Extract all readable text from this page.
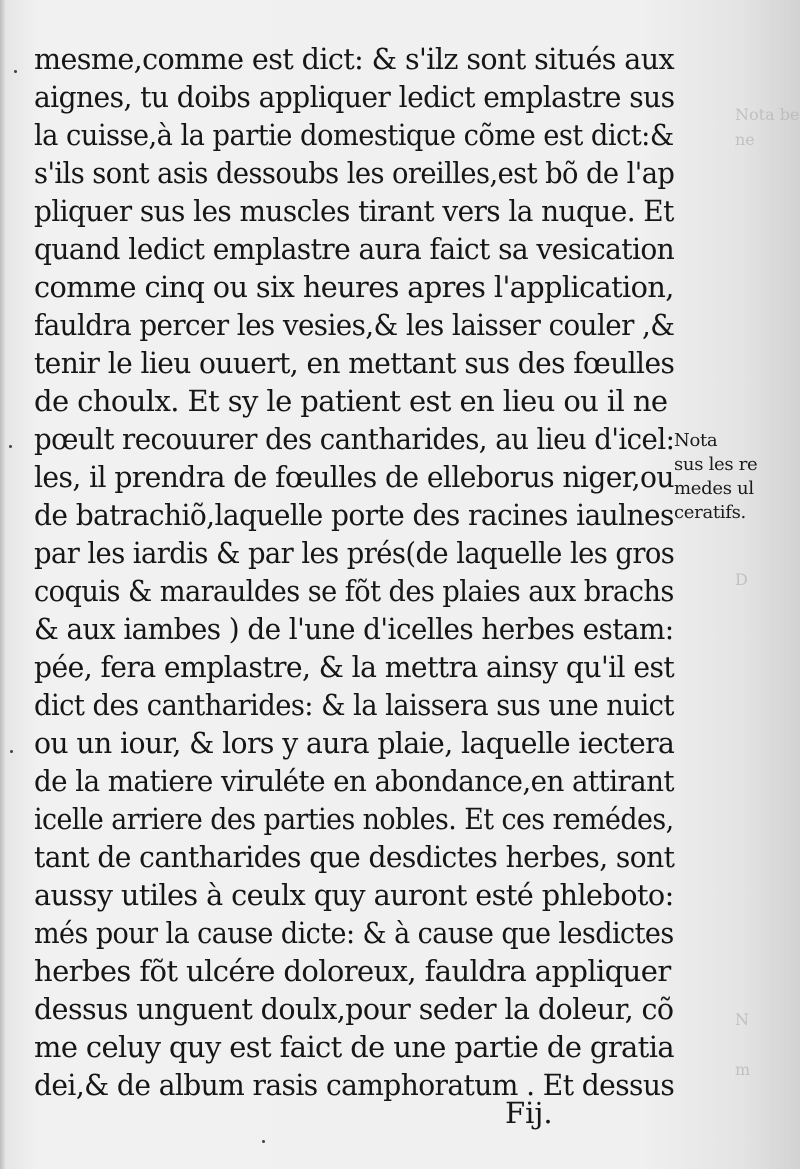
Nota be
ne
D
N
m
mesme,comme est dict: & s'ilz sont situés aux
aignes, tu doibs appliquer ledict emplastre sus
la cuisse,à la partie domestique cõme est dict:&
s'ils sont asis dessoubs les oreilles,est bõ de l'ap
pliquer sus les muscles tirant vers la nuque. Et
quand ledict emplastre aura faict sa vesication
comme cinq ou six heures apres l'application,
fauldra percer les vesies,& les laisser couler ,&
tenir le lieu ouuert, en mettant sus des fœulles
de choulx. Et sy le patient est en lieu ou il ne
pœult recouurer des cantharides, au lieu d'icel:
les, il prendra de fœulles de elleborus niger,ou
de batrachiõ,laquelle porte des racines iaulnes
par les iardis & par les prés(de laquelle les gros
coquis & marauldes se fõt des plaies aux brachs
& aux iambes ) de l'une d'icelles herbes estam:
pée, fera emplastre, & la mettra ainsy qu'il est
dict des cantharides: & la laissera sus une nuict
ou un iour, & lors y aura plaie, laquelle iectera
de la matiere viruléte en abondance,en attirant
icelle arriere des parties nobles. Et ces remédes,
tant de cantharides que desdictes herbes, sont
aussy utiles à ceulx quy auront esté phleboto:
més pour la cause dicte: & à cause que lesdictes
herbes fõt ulcére doloreux, fauldra appliquer
dessus unguent doulx,pour seder la doleur, cõ
me celuy quy est faict de une partie de gratia
dei,& de album rasis camphoratum . Et dessus
Nota
sus les re
medes ul
ceratifs.
Fij.
